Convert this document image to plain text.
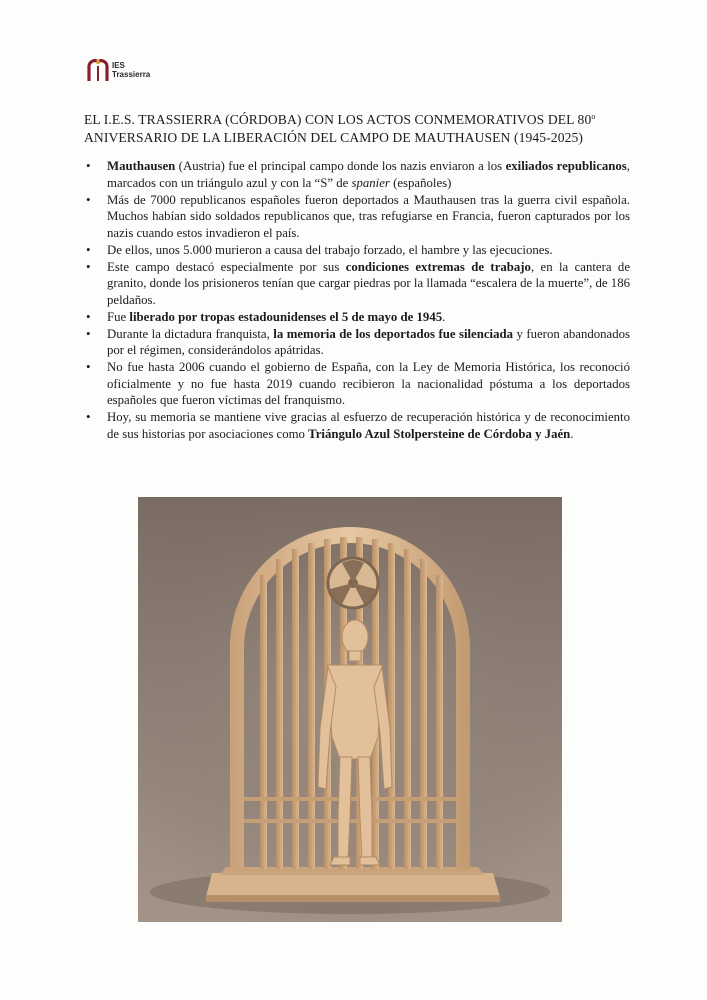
IES
Trassierra
EL I.E.S. TRASSIERRA (CÓRDOBA) CON LOS ACTOS CONMEMORATIVOS DEL 80$^o$
ANIVERSARIO DE LA LIBERACIÓN DEL CAMPO DE MAUTHAUSEN (1945-2025)
• Mauthausen (Austria) fue el principal campo donde los nazis enviaron a los exiliados republicanos, marcados con un triángulo azul y con la “S” de spanier (españoles)
• Más de 7000 republicanos españoles fueron deportados a Mauthausen tras la guerra civil española. Muchos habían sido soldados republicanos que, tras refugiarse en Francia, fueron capturados por los nazis cuando estos invadieron el país.
• De ellos, unos 5.000 murieron a causa del trabajo forzado, el hambre y las ejecuciones.
• Este campo destacó especialmente por sus condiciones extremas de trabajo, en la cantera de granito, donde los prisioneros tenían que cargar piedras por la llamada “escalera de la muerte”, de 186 peldaños.
• Fue liberado por tropas estadounidenses el 5 de mayo de 1945.
• Durante la dictadura franquista, la memoria de los deportados fue silenciada y fueron abandonados por el régimen, considerándolos apátridas.
• No fue hasta 2006 cuando el gobierno de España, con la Ley de Memoria Histórica, los reconoció oficialmente y no fue hasta 2019 cuando recibieron la nacionalidad póstuma a los deportados españoles que fueron víctimas del franquismo.
• Hoy, su memoria se mantiene vive gracias al esfuerzo de recuperación histórica y de reconocimiento de sus historias por asociaciones como Triángulo Azul Stolpersteine de Córdoba y Jaén.
